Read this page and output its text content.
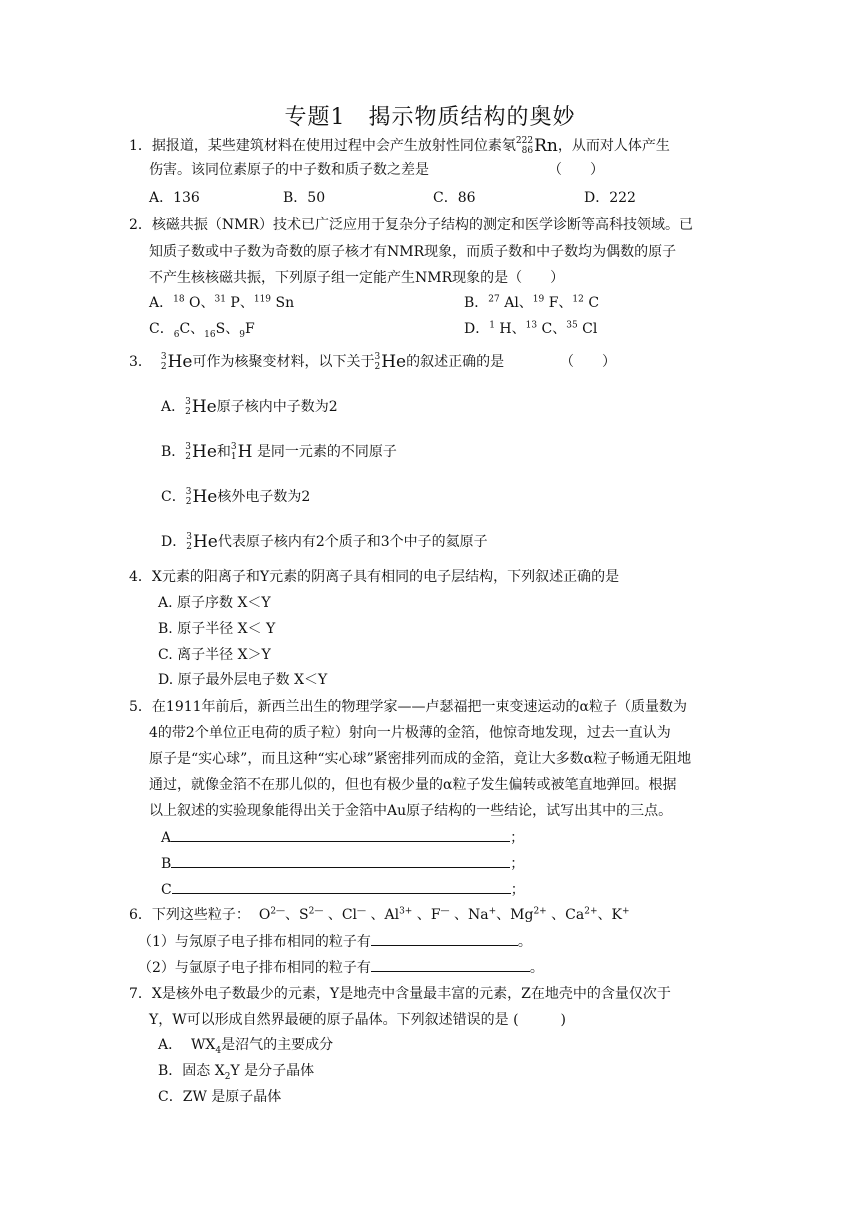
专题1　揭示物质结构的奥妙
1．据报道，某些建筑材料在使用过程中会产生放射性同位素氡 222
86 Rn，从而对人体产生
伤害。该同位素原子的中子数和质子数之差是	（　　）
A．136	B．50	C．86	D．222
2．核磁共振（NMR）技术已广泛应用于复杂分子结构的测定和医学诊断等高科技领域。已
知质子数或中子数为奇数的原子核才有NMR现象，而质子数和中子数均为偶数的原子
不产生核核磁共振，下列原子组一定能产生NMR现象的是（　　）
A．$^{18}$ O、$^{31}$ P、$^{119}$ Sn	B．$^{27}$ Al、$^{19}$ F、$^{12}$ C
C．$_6$C、$_{16}$S、$_9$F	D．$^1$ H、$^{13}$ C、$^{35}$ Cl
3． 3
2 He可作为核聚变材料，以下关于 3
2 He的叙述正确的是	（　　）
A． 3
2 He原子核内中子数为2
B． 3
2 He和 3
1 H 是同一元素的不同原子
C． 3
2 He核外电子数为2
D． 3
2 He代表原子核内有2个质子和3个中子的氦原子
4．X元素的阳离子和Y元素的阴离子具有相同的电子层结构，下列叙述正确的是
A. 原子序数 X＜Y
B. 原子半径 X＜ Y
C. 离子半径 X＞Y
D. 原子最外层电子数 X＜Y
5．在1911年前后，新西兰出生的物理学家——卢瑟福把一束变速运动的α粒子（质量数为
4的带2个单位正电荷的质子粒）射向一片极薄的金箔，他惊奇地发现，过去一直认为
原子是“实心球”，而且这种“实心球”紧密排列而成的金箔，竟让大多数α粒子畅通无阻地
通过，就像金箔不在那儿似的，但也有极少量的α粒子发生偏转或被笔直地弹回。根据
以上叙述的实验现象能得出关于金箔中Au原子结构的一些结论，试写出其中的三点。
A	；
B	；
C	；
6．下列这些粒子： $O^{2—}$、$S^{2—}$ 、Cl— 、$Al^{3+}$ 、F— 、Na+、$Mg^{2+}$ 、$Ca^{2+}$、K+
（1）与氖原子电子排布相同的粒子有	。
（2）与氩原子电子排布相同的粒子有	。
7．X是核外电子数最少的元素，Y是地壳中含量最丰富的元素，Z在地壳中的含量仅次于
Y，W可以形成自然界最硬的原子晶体。下列叙述错误的是 (　　　)
A． $WX_4$是沼气的主要成分
B．固态 $X_2Y$ 是分子晶体
C．ZW 是原子晶体
